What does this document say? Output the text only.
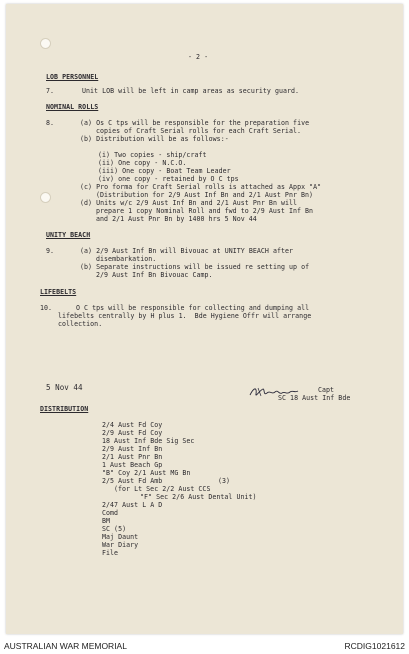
- 2 -
LOB PERSONNEL
7.	Unit LOB will be left in camp areas as security guard.
NOMINAL ROLLS
8.	(a) Os C tps will be responsible for the preparation five
copies of Craft Serial rolls for each Craft Serial.
(b) Distribution will be as follows:-
(i) Two copies - ship/craft
(ii) One copy - N.C.O.
(iii) One copy - Boat Team Leader
(iv) one copy - retained by O C tps
(c) Pro forma for Craft Serial rolls is attached as Appx "A"
(Distribution for 2/9 Aust Inf Bn and 2/1 Aust Pnr Bn)
(d) Units w/c 2/9 Aust Inf Bn and 2/1 Aust Pnr Bn will
prepare 1 copy Nominal Roll and fwd to 2/9 Aust Inf Bn
and 2/1 Aust Pnr Bn by 1400 hrs 5 Nov 44
UNITY BEACH
9.	(a) 2/9 Aust Inf Bn will Bivouac at UNITY BEACH after
disembarkation.
(b) Separate instructions will be issued re setting up of
2/9 Aust Inf Bn Bivouac Camp.
LIFEBELTS
10.	O C tps will be responsible for collecting and dumping all
lifebelts centrally by H plus 1.  Bde Hygiene Offr will arrange
collection.
5 Nov 44	Capt
SC 18 Aust Inf Bde
DISTRIBUTION
2/4 Aust Fd Coy
2/9 Aust Fd Coy
18 Aust Inf Bde Sig Sec
2/9 Aust Inf Bn
2/1 Aust Pnr Bn
1 Aust Beach Gp
"B" Coy 2/1 Aust MG Bn
2/5 Aust Fd Amb	(3)
(for Lt Sec 2/2 Aust CCS
"F" Sec 2/6 Aust Dental Unit)
2/47 Aust L A D
Comd
BM
SC (5)
Maj Daunt
War Diary
File
AUSTRALIAN WAR MEMORIAL	RCDIG1021612
